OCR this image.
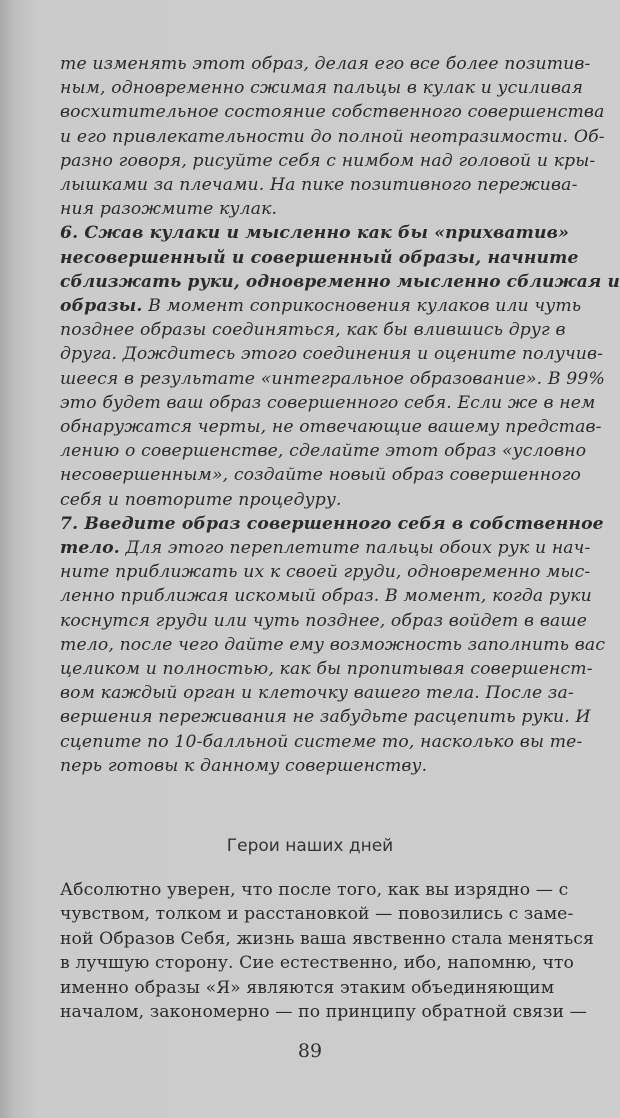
те изменять этот образ, делая его все более позитив-
ным, одновременно сжимая пальцы в кулак и усиливая
восхитительное состояние собственного совершенства
и его привлекательности до полной неотразимости. Об-
разно говоря, рисуйте себя с нимбом над головой и кры-
лышками за плечами. На пике позитивного пережива-
ния разожмите кулак.
6. Сжав кулаки и мысленно как бы «прихватив»
несовершенный и совершенный образы, начните
сблизжать руки, одновременно мысленно сближая и
образы. В момент соприкосновения кулаков или чуть
позднее образы соединяться, как бы влившись друг в
друга. Дождитесь этого соединения и оцените получив-
шееся в результате «интегральное образование». В 99%
это будет ваш образ совершенного себя. Если же в нем
обнаружатся черты, не отвечающие вашему представ-
лению о совершенстве, сделайте этот образ «условно
несовершенным», создайте новый образ совершенного
себя и повторите процедуру.
7. Введите образ совершенного себя в собственное
тело. Для этого переплетите пальцы обоих рук и нач-
ните приближать их к своей груди, одновременно мыс-
ленно приближая искомый образ. В момент, когда руки
коснутся груди или чуть позднее, образ войдет в ваше
тело, после чего дайте ему возможность заполнить вас
целиком и полностью, как бы пропитывая совершенст-
вом каждый орган и клеточку вашего тела. После за-
вершения переживания не забудьте расцепить руки. И
сцепите по 10-балльной системе то, насколько вы те-
перь готовы к данному совершенству.
Герои наших дней
Абсолютно уверен, что после того, как вы изрядно — с
чувством, толком и расстановкой — повозились с заме-
ной Образов Себя, жизнь ваша явственно стала меняться
в лучшую сторону. Сие естественно, ибо, напомню, что
именно образы «Я» являются этаким объединяющим
началом, закономерно — по принципу обратной связи —
89
